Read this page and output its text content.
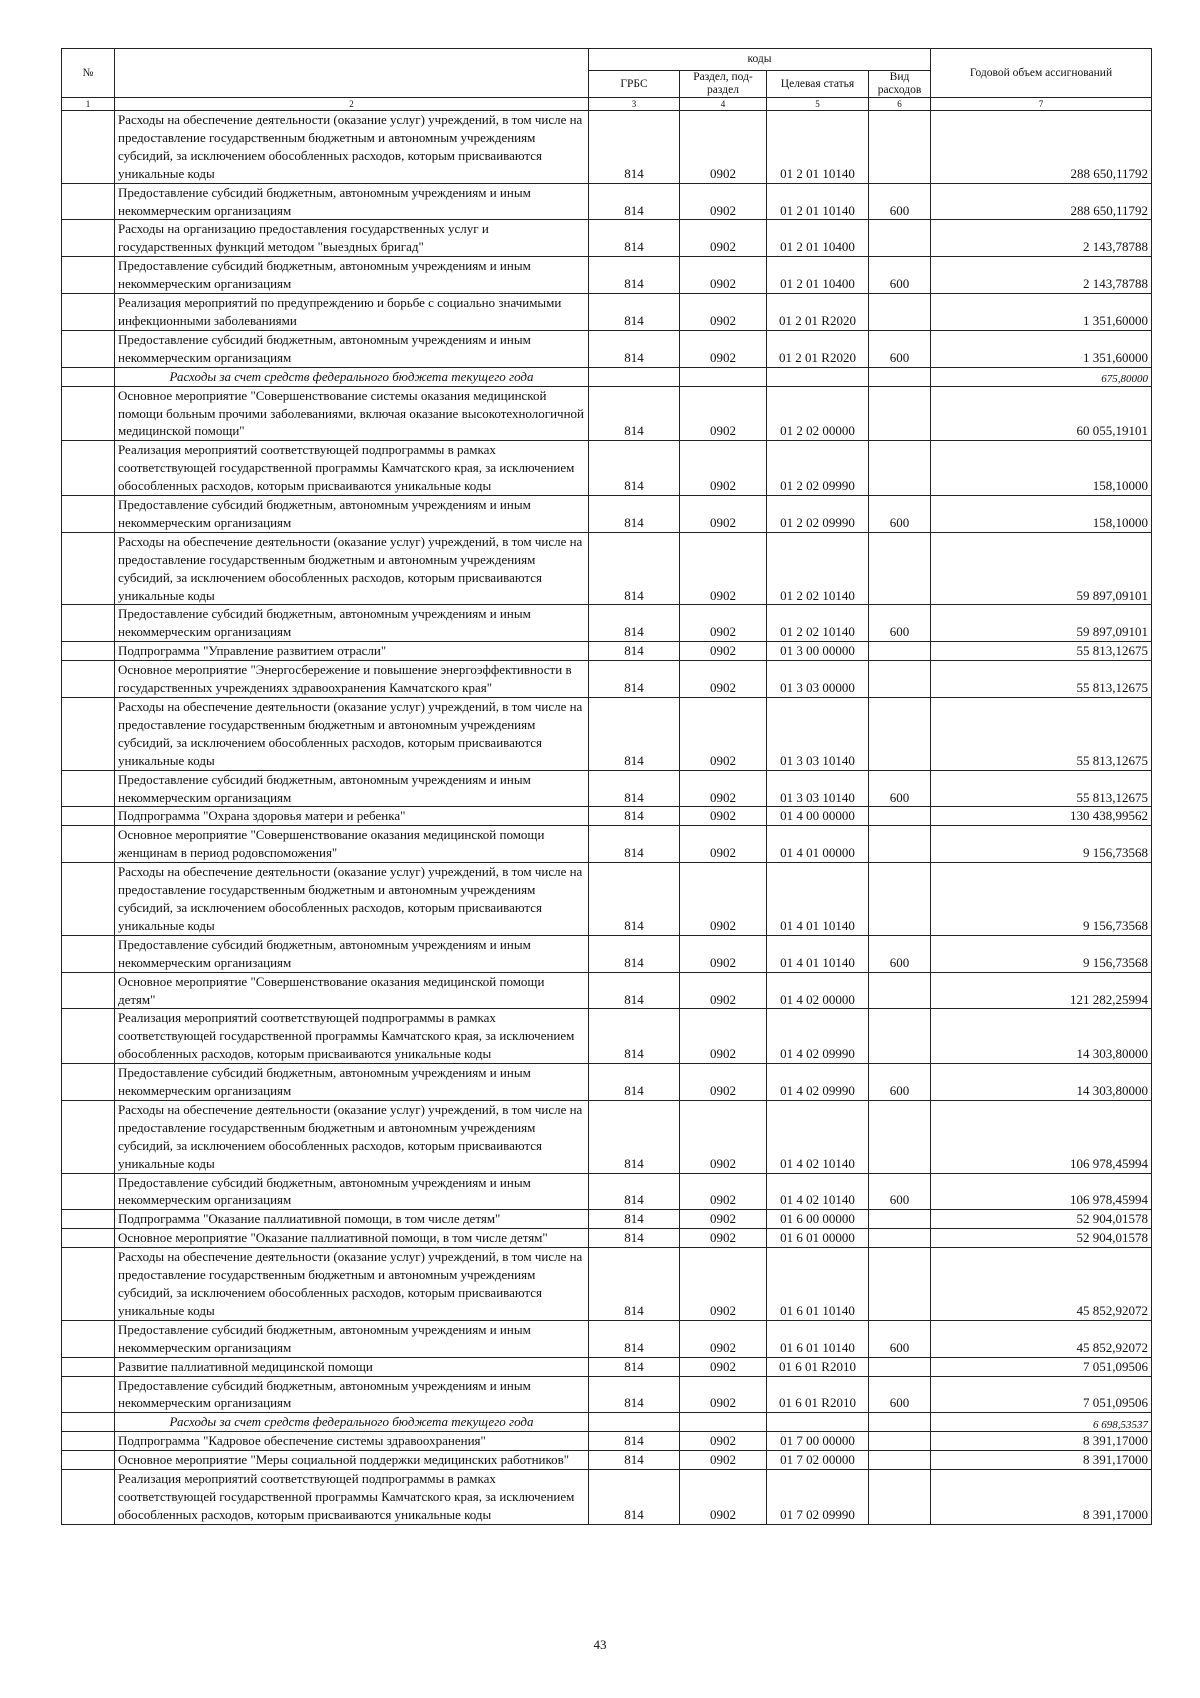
№		коды				Годовой объем ассигнований
		ГРБС	Раздел, под-раздел	Целевая статья	Вид расходов	
1	2	3	4	5	6	7
	Расходы на обеспечение деятельности (оказание услуг) учреждений, в том числе на предоставление государственным бюджетным и автономным учреждениям субсидий, за исключением обособленных расходов, которым присваиваются уникальные коды	814	0902	01 2 01 10140		288 650,11792
	Предоставление субсидий бюджетным, автономным учреждениям и иным некоммерческим организациям	814	0902	01 2 01 10140	600	288 650,11792
	Расходы на организацию предоставления государственных услуг и государственных функций методом "выездных бригад"	814	0902	01 2 01 10400		2 143,78788
	Предоставление субсидий бюджетным, автономным учреждениям и иным некоммерческим организациям	814	0902	01 2 01 10400	600	2 143,78788
	Реализация мероприятий по предупреждению и борьбе с социально значимыми инфекционными заболеваниями	814	0902	01 2 01 R2020		1 351,60000
	Предоставление субсидий бюджетным, автономным учреждениям и иным некоммерческим организациям	814	0902	01 2 01 R2020	600	1 351,60000
	Расходы за счет средств федерального бюджета текущего года					675,80000
	Основное мероприятие "Совершенствование системы оказания медицинской помощи больным прочими заболеваниями, включая оказание высокотехнологичной медицинской помощи"	814	0902	01 2 02 00000		60 055,19101
	Реализация мероприятий соответствующей подпрограммы в рамках соответствующей государственной программы Камчатского края, за исключением обособленных расходов, которым присваиваются уникальные коды	814	0902	01 2 02 09990		158,10000
	Предоставление субсидий бюджетным, автономным учреждениям и иным некоммерческим организациям	814	0902	01 2 02 09990	600	158,10000
	Расходы на обеспечение деятельности (оказание услуг) учреждений, в том числе на предоставление государственным бюджетным и автономным учреждениям субсидий, за исключением обособленных расходов, которым присваиваются уникальные коды	814	0902	01 2 02 10140		59 897,09101
	Предоставление субсидий бюджетным, автономным учреждениям и иным некоммерческим организациям	814	0902	01 2 02 10140	600	59 897,09101
	Подпрограмма "Управление развитием отрасли"	814	0902	01 3 00 00000		55 813,12675
	Основное мероприятие "Энергосбережение и повышение энергоэффективности в государственных учреждениях здравоохранения Камчатского края"	814	0902	01 3 03 00000		55 813,12675
	Расходы на обеспечение деятельности (оказание услуг) учреждений, в том числе на предоставление государственным бюджетным и автономным учреждениям субсидий, за исключением обособленных расходов, которым присваиваются уникальные коды	814	0902	01 3 03 10140		55 813,12675
	Предоставление субсидий бюджетным, автономным учреждениям и иным некоммерческим организациям	814	0902	01 3 03 10140	600	55 813,12675
	Подпрограмма "Охрана здоровья матери и ребенка"	814	0902	01 4 00 00000		130 438,99562
	Основное мероприятие "Совершенствование оказания медицинской помощи женщинам в период родовспоможения"	814	0902	01 4 01 00000		9 156,73568
	Расходы на обеспечение деятельности (оказание услуг) учреждений, в том числе на предоставление государственным бюджетным и автономным учреждениям субсидий, за исключением обособленных расходов, которым присваиваются уникальные коды	814	0902	01 4 01 10140		9 156,73568
	Предоставление субсидий бюджетным, автономным учреждениям и иным некоммерческим организациям	814	0902	01 4 01 10140	600	9 156,73568
	Основное мероприятие "Совершенствование оказания медицинской помощи детям"	814	0902	01 4 02 00000		121 282,25994
	Реализация мероприятий соответствующей подпрограммы в рамках соответствующей государственной программы Камчатского края, за исключением обособленных расходов, которым присваиваются уникальные коды	814	0902	01 4 02 09990		14 303,80000
	Предоставление субсидий бюджетным, автономным учреждениям и иным некоммерческим организациям	814	0902	01 4 02 09990	600	14 303,80000
	Расходы на обеспечение деятельности (оказание услуг) учреждений, в том числе на предоставление государственным бюджетным и автономным учреждениям субсидий, за исключением обособленных расходов, которым присваиваются уникальные коды	814	0902	01 4 02 10140		106 978,45994
	Предоставление субсидий бюджетным, автономным учреждениям и иным некоммерческим организациям	814	0902	01 4 02 10140	600	106 978,45994
	Подпрограмма "Оказание паллиативной помощи, в том числе детям"	814	0902	01 6 00 00000		52 904,01578
	Основное мероприятие "Оказание паллиативной помощи, в том числе детям"	814	0902	01 6 01 00000		52 904,01578
	Расходы на обеспечение деятельности (оказание услуг) учреждений, в том числе на предоставление государственным бюджетным и автономным учреждениям субсидий, за исключением обособленных расходов, которым присваиваются уникальные коды	814	0902	01 6 01 10140		45 852,92072
	Предоставление субсидий бюджетным, автономным учреждениям и иным некоммерческим организациям	814	0902	01 6 01 10140	600	45 852,92072
	Развитие паллиативной медицинской помощи	814	0902	01 6 01 R2010		7 051,09506
	Предоставление субсидий бюджетным, автономным учреждениям и иным некоммерческим организациям	814	0902	01 6 01 R2010	600	7 051,09506
	Расходы за счет средств федерального бюджета текущего года					6 698,53537
	Подпрограмма "Кадровое обеспечение системы здравоохранения"	814	0902	01 7 00 00000		8 391,17000
	Основное мероприятие "Меры социальной поддержки медицинских работников"	814	0902	01 7 02 00000		8 391,17000
	Реализация мероприятий соответствующей подпрограммы в рамках соответствующей государственной программы Камчатского края, за исключением обособленных расходов, которым присваиваются уникальные коды	814	0902	01 7 02 09990		8 391,17000
43
